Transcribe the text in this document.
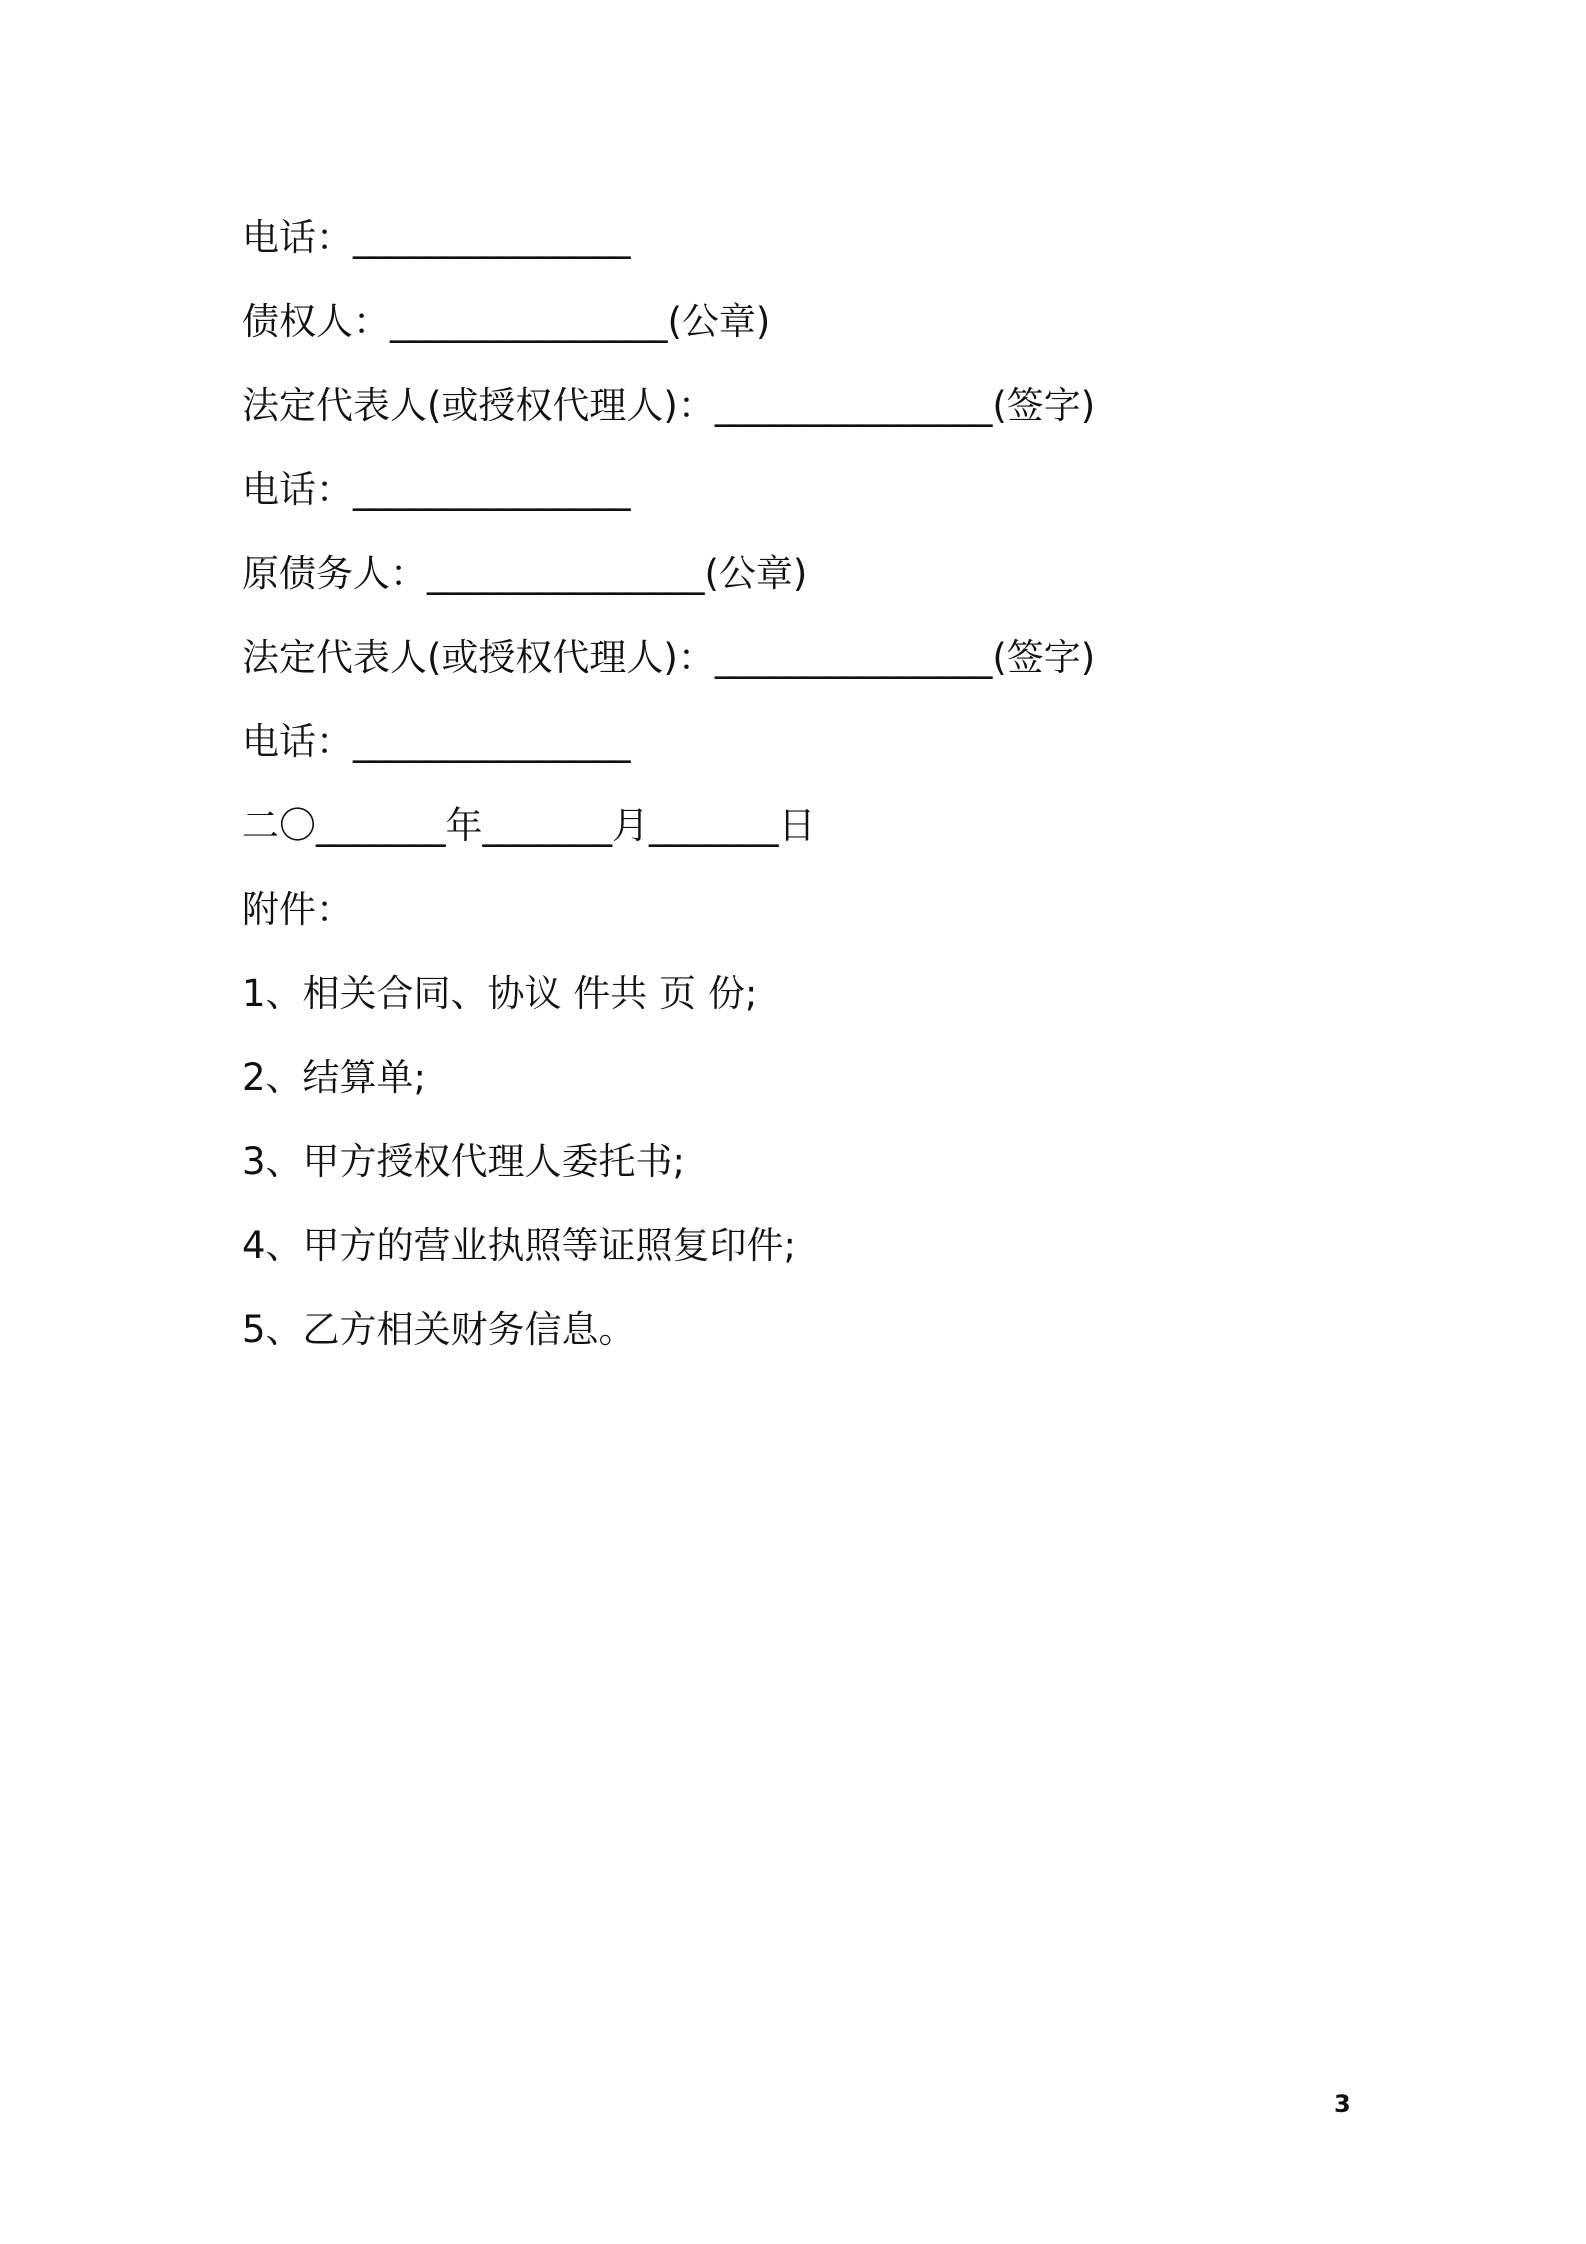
电话：_______________
债权人：_______________(公章)
法定代表人(或授权代理人)：_______________(签字)
电话：_______________
原债务人：_______________(公章)
法定代表人(或授权代理人)：_______________(签字)
电话：_______________
二〇_______年_______月_______日
附件：
1、相关合同、协议 件共 页 份;
2、结算单;
3、甲方授权代理人委托书;
4、甲方的营业执照等证照复印件;
5、乙方相关财务信息。
3
